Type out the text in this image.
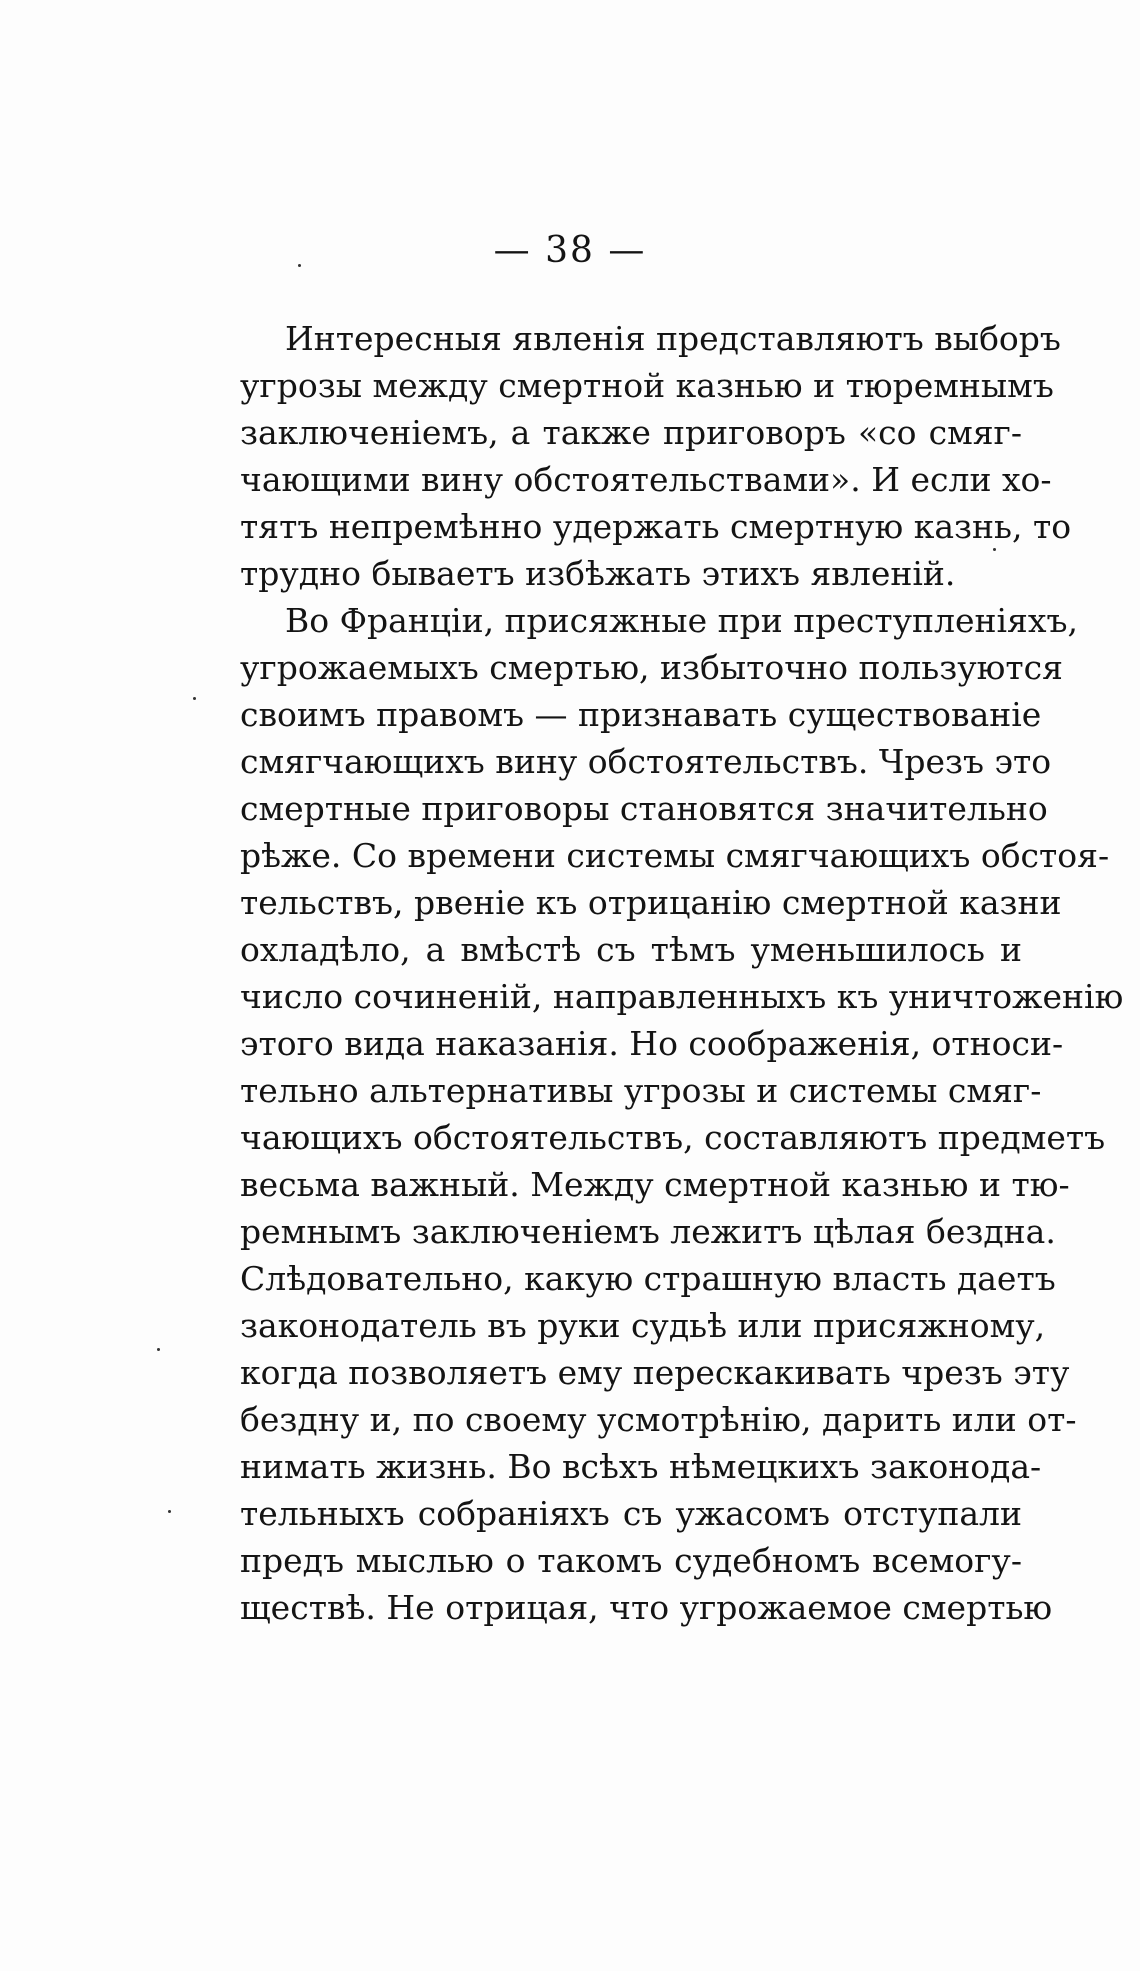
— 38 —
Интересныя явленія представляютъ выборъ
угрозы между смертной казнью и тюремнымъ
заключеніемъ, а также приговоръ «со смяг-
чающими вину обстоятельствами». И если хо-
тятъ непремѣнно удержать смертную казнь, то
трудно бываетъ избѣжать этихъ явленій.
Во Франціи, присяжные при преступленіяхъ,
угрожаемыхъ смертью, избыточно пользуются
своимъ правомъ — признавать существованіе
смягчающихъ вину обстоятельствъ. Чрезъ это
смертные приговоры становятся значительно
рѣже. Со времени системы смягчающихъ обстоя-
тельствъ, рвеніе къ отрицанію смертной казни
охладѣло, а вмѣстѣ съ тѣмъ уменьшилось и
число сочиненій, направленныхъ къ уничтоженію
этого вида наказанія. Но соображенія, относи-
тельно альтернативы угрозы и системы смяг-
чающихъ обстоятельствъ, составляютъ предметъ
весьма важный. Между смертной казнью и тю-
ремнымъ заключеніемъ лежитъ цѣлая бездна.
Слѣдовательно, какую страшную власть даетъ
законодатель въ руки судьѣ или присяжному,
когда позволяетъ ему перескакивать чрезъ эту
бездну и, по своему усмотрѣнію, дарить или от-
нимать жизнь. Во всѣхъ нѣмецкихъ законода-
тельныхъ собраніяхъ съ ужасомъ отступали
предъ мыслью о такомъ судебномъ всемогу-
ществѣ. Не отрицая, что угрожаемое смертью
